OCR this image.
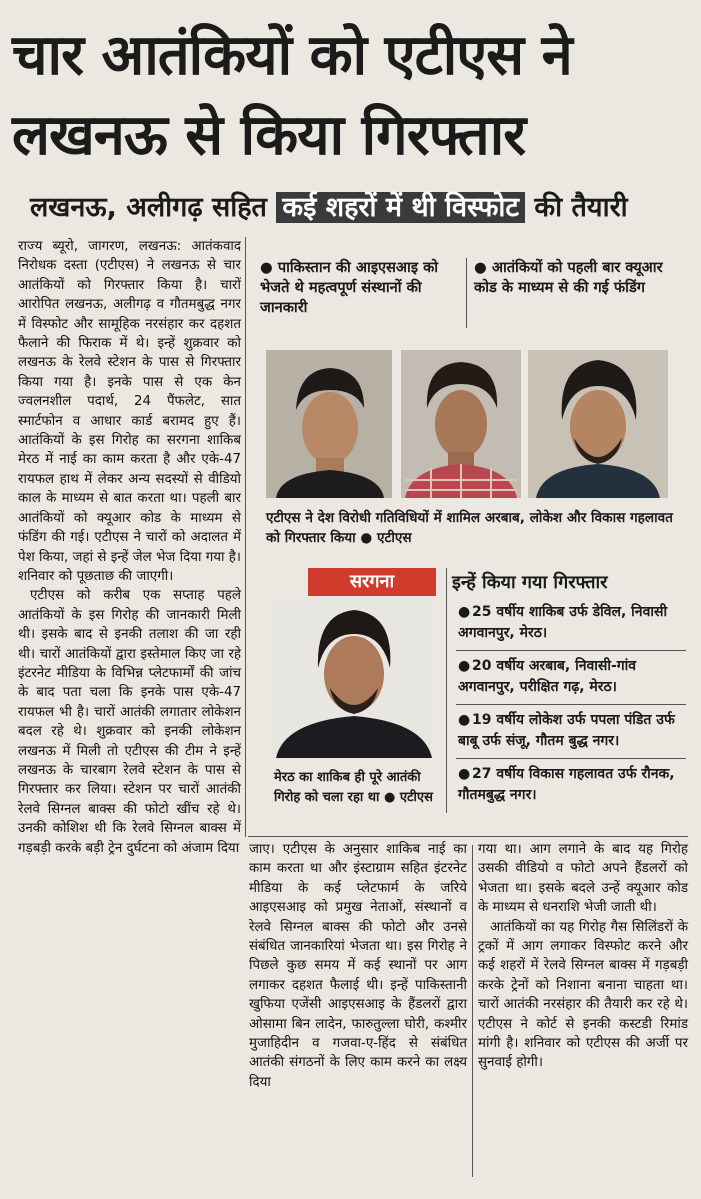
चार आतंकियों को एटीएस ने
लखनऊ से किया गिरफ्तार
लखनऊ, अलीगढ़ सहित कई शहरों में थी विस्फोट की तैयारी

राज्य ब्यूरो, जागरण, लखनऊ: आतंकवाद निरोधक दस्ता (एटीएस) ने लखनऊ से चार आतंकियों को गिरफ्तार किया है। चारों आरोपित लखनऊ, अलीगढ़ व गौतमबुद्ध नगर में विस्फोट और सामूहिक नरसंहार कर दहशत फैलाने की फिराक में थे। इन्हें शुक्रवार को लखनऊ के रेलवे स्टेशन के पास से गिरफ्तार किया गया है। इनके पास से एक केन ज्वलनशील पदार्थ, 24 पैंफलेट, सात स्मार्टफोन व आधार कार्ड बरामद हुए हैं। आतंकियों के इस गिरोह का सरगना शाकिब मेरठ में नाई का काम करता है और एके-47 रायफल हाथ में लेकर अन्य सदस्यों से वीडियो काल के माध्यम से बात करता था। पहली बार आतंकियों को क्यूआर कोड के माध्यम से फंडिंग की गई। एटीएस ने चारों को अदालत में पेश किया, जहां से इन्हें जेल भेज दिया गया है। शनिवार को पूछताछ की जाएगी।

एटीएस को करीब एक सप्ताह पहले आतंकियों के इस गिरोह की जानकारी मिली थी। इसके बाद से इनकी तलाश की जा रही थी। चारों आतंकियों द्वारा इस्तेमाल किए जा रहे इंटरनेट मीडिया के विभिन्न प्लेटफार्मों की जांच के बाद पता चला कि इनके पास एके-47 रायफल भी है। चारों आतंकी लगातार लोकेशन बदल रहे थे। शुक्रवार को इनकी लोकेशन लखनऊ में मिली तो एटीएस की टीम ने इन्हें लखनऊ के चारबाग रेलवे स्टेशन के पास से गिरफ्तार कर लिया। स्टेशन पर चारों आतंकी रेलवे सिग्नल बाक्स की फोटो खींच रहे थे। उनकी कोशिश थी कि रेलवे सिग्नल बाक्स में गड़बड़ी करके बड़ी ट्रेन दुर्घटना को अंजाम दिया

● पाकिस्तान की आइएसआइ को भेजते थे महत्वपूर्ण संस्थानों की जानकारी
● आतंकियों को पहली बार क्यूआर कोड के माध्यम से की गई फंडिंग
एटीएस ने देश विरोधी गतिविधियों में शामिल अरबाब, लोकेश और विकास गहलावत को गिरफ्तार किया ● एटीएस
सरगना
मेरठ का शाकिब ही पूरे आतंकी गिरोह को चला रहा था ● एटीएस
इन्हें किया गया गिरफ्तार
● 25 वर्षीय शाकिब उर्फ डेविल, निवासी अगवानपुर, मेरठ।
● 20 वर्षीय अरबाब, निवासी-गांव अगवानपुर, परीक्षित गढ़, मेरठ।
● 19 वर्षीय लोकेश उर्फ पपला पंडित उर्फ बाबू उर्फ संजू, गौतम बुद्ध नगर।
● 27 वर्षीय विकास गहलावत उर्फ रौनक, गौतमबुद्ध नगर।

जाए। एटीएस के अनुसार शाकिब नाई का काम करता था और इंस्टाग्राम सहित इंटरनेट मीडिया के कई प्लेटफार्म के जरिये आइएसआइ को प्रमुख नेताओं, संस्थानों व रेलवे सिग्नल बाक्स की फोटो और उनसे संबंधित जानकारियां भेजता था। इस गिरोह ने पिछले कुछ समय में कई स्थानों पर आग लगाकर दहशत फैलाई थी। इन्हें पाकिस्तानी खुफिया एजेंसी आइएसआइ के हैंडलरों द्वारा ओसामा बिन लादेन, फारुतुल्ला घोरी, कश्मीर मुजाहिदीन व गजवा-ए-हिंद से संबंधित आतंकी संगठनों के लिए काम करने का लक्ष्य दिया

गया था। आग लगाने के बाद यह गिरोह उसकी वीडियो व फोटो अपने हैंडलरों को भेजता था। इसके बदले उन्हें क्यूआर कोड के माध्यम से धनराशि भेजी जाती थी।

आतंकियों का यह गिरोह गैस सिलिंडरों के ट्रकों में आग लगाकर विस्फोट करने और कई शहरों में रेलवे सिग्नल बाक्स में गड़बड़ी करके ट्रेनों को निशाना बनाना चाहता था। चारों आतंकी नरसंहार की तैयारी कर रहे थे। एटीएस ने कोर्ट से इनकी कस्टडी रिमांड मांगी है। शनिवार को एटीएस की अर्जी पर सुनवाई होगी।
